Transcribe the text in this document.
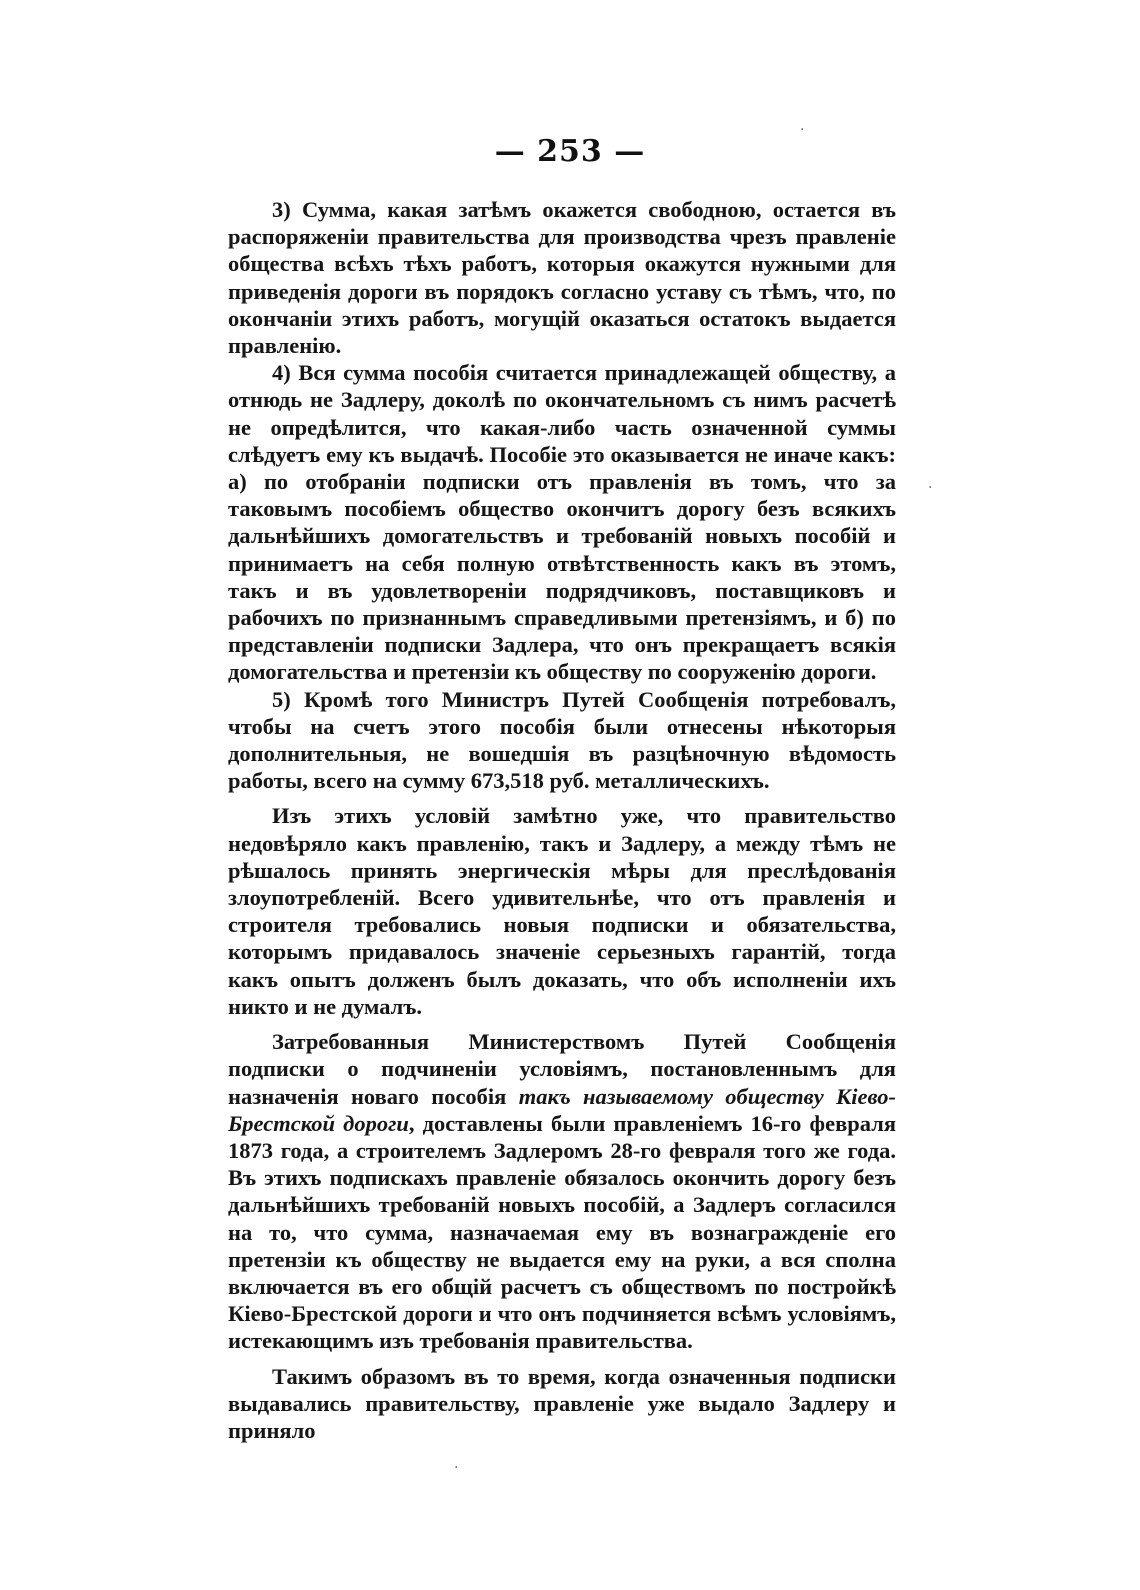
— 253 —
·
·
·

3) Сумма, какая затѣмъ окажется свободною, остается въ распоряженіи правительства для производства чрезъ правленіе общества всѣхъ тѣхъ работъ, которыя окажутся нужными для приведенія дороги въ порядокъ согласно уставу съ тѣмъ, что, по окончаніи этихъ работъ, могущій оказаться остатокъ выдается правленію.

4) Вся сумма пособія считается принадлежащей обществу, а отнюдь не Задлеру, доколѣ по окончательномъ съ нимъ расчетѣ не опредѣлится, что какая-либо часть означенной суммы слѣдуетъ ему къ выдачѣ. Пособіе это оказывается не иначе какъ: а) по отобраніи подписки отъ правленія въ томъ, что за таковымъ пособіемъ общество окончитъ дорогу безъ всякихъ дальнѣйшихъ домогательствъ и требованій новыхъ пособій и принимаетъ на себя полную отвѣтственность какъ въ этомъ, такъ и въ удовлетвореніи подрядчиковъ, поставщиковъ и рабочихъ по признаннымъ справедливыми претензіямъ, и б) по представленіи подписки Задлера, что онъ прекращаетъ всякія домогательства и претензіи къ обществу по сооруженію дороги.

5) Кромѣ того Министръ Путей Сообщенія потребовалъ, чтобы на счетъ этого пособія были отнесены нѣкоторыя дополнительныя, не вошедшія въ разцѣночную вѣдомость работы, всего на сумму 673,518 руб. металлическихъ.

Изъ этихъ условій замѣтно уже, что правительство недовѣряло какъ правленію, такъ и Задлеру, а между тѣмъ не рѣшалось принять энергическія мѣры для преслѣдованія злоупотребленій. Всего удивительнѣе, что отъ правленія и строителя требовались новыя подписки и обязательства, которымъ придавалось значеніе серьезныхъ гарантій, тогда какъ опытъ долженъ былъ доказать, что объ исполненіи ихъ никто и не думалъ.

Затребованныя Министерствомъ Путей Сообщенія подписки о подчиненіи условіямъ, постановленнымъ для назначенія новаго пособія такъ называемому обществу Кіево-Брестской дороги, доставлены были правленіемъ 16-го февраля 1873 года, а строителемъ Задлеромъ 28-го февраля того же года. Въ этихъ подпискахъ правленіе обязалось окончить дорогу безъ дальнѣйшихъ требованій новыхъ пособій, а Задлеръ согласился на то, что сумма, назначаемая ему въ вознагражденіе его претензіи къ обществу не выдается ему на руки, а вся сполна включается въ его общій расчетъ съ обществомъ по постройкѣ Кіево-Брестской дороги и что онъ подчиняется всѣмъ условіямъ, истекающимъ изъ требованія правительства.

Такимъ образомъ въ то время, когда означенныя подписки выдавались правительству, правленіе уже выдало Задлеру и приняло
